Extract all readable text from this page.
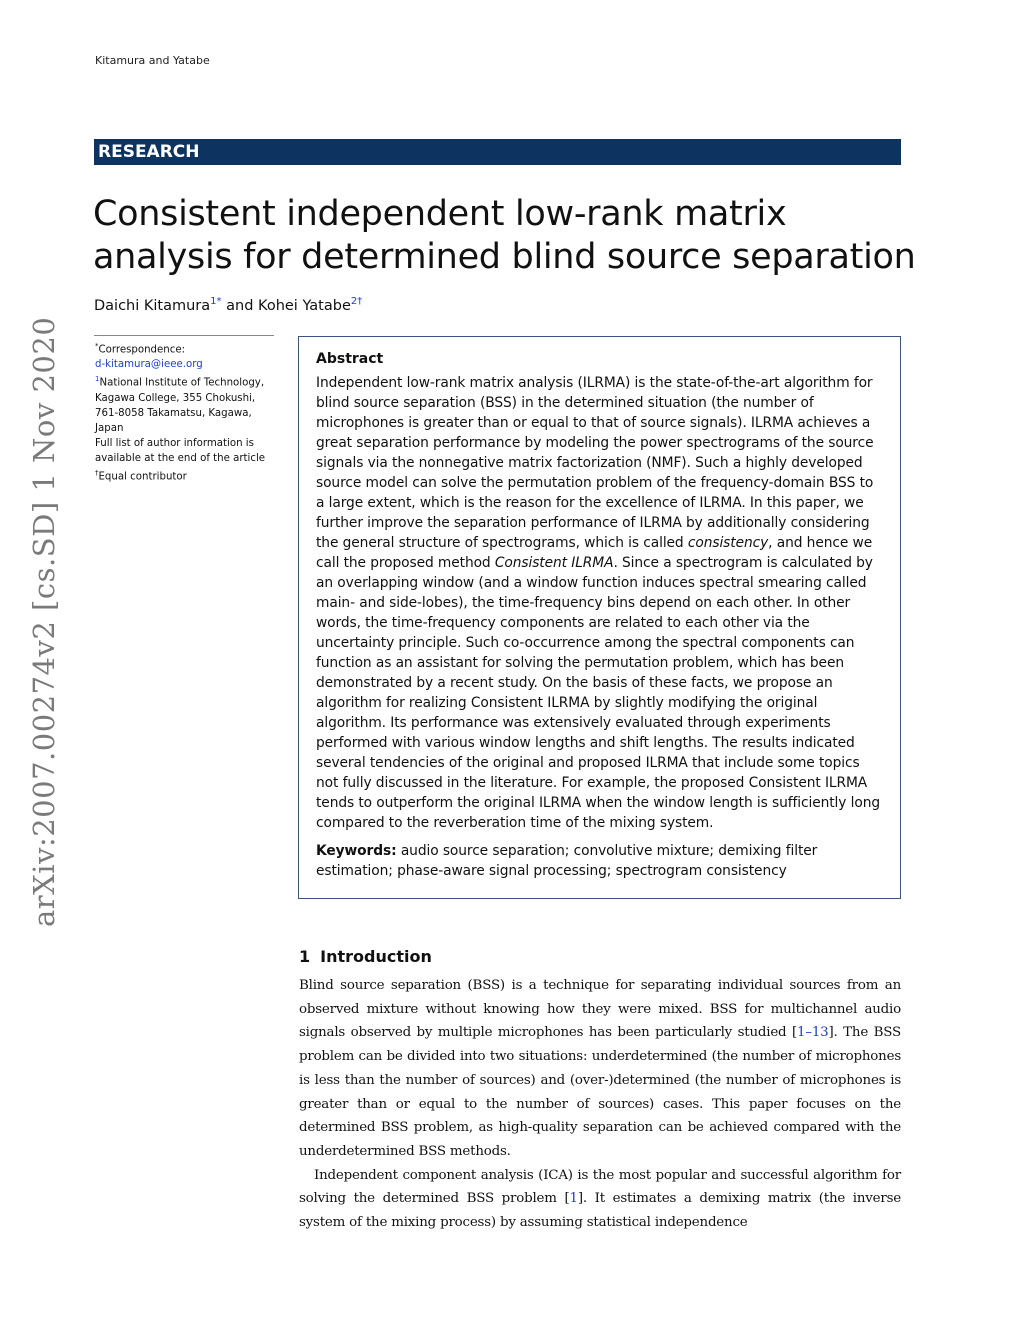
Kitamura and Yatabe
RESEARCH
Consistent independent low-rank matrix analysis for determined blind source separation
Daichi Kitamura$^{1*}$ and Kohei Yatabe$^{2\dagger}$
*Correspondence:
d-kitamura@ieee.org
$^1$National Institute of Technology, Kagawa College, 355 Chokushi, 761-8058 Takamatsu, Kagawa, Japan
Full list of author information is available at the end of the article
†Equal contributor
arXiv:2007.00274v2 [cs.SD] 1 Nov 2020	Abstract

Independent low-rank matrix analysis (ILRMA) is the state-of-the-art algorithm for blind source separation (BSS) in the determined situation (the number of microphones is greater than or equal to that of source signals). ILRMA achieves a great separation performance by modeling the power spectrograms of the source signals via the nonnegative matrix factorization (NMF). Such a highly developed source model can solve the permutation problem of the frequency-domain BSS to a large extent, which is the reason for the excellence of ILRMA. In this paper, we further improve the separation performance of ILRMA by additionally considering the general structure of spectrograms, which is called consistency, and hence we call the proposed method Consistent ILRMA. Since a spectrogram is calculated by an overlapping window (and a window function induces spectral smearing called main- and side-lobes), the time-frequency bins depend on each other. In other words, the time-frequency components are related to each other via the uncertainty principle. Such co-occurrence among the spectral components can function as an assistant for solving the permutation problem, which has been demonstrated by a recent study. On the basis of these facts, we propose an algorithm for realizing Consistent ILRMA by slightly modifying the original algorithm. Its performance was extensively evaluated through experiments performed with various window lengths and shift lengths. The results indicated several tendencies of the original and proposed ILRMA that include some topics not fully discussed in the literature. For example, the proposed Consistent ILRMA tends to outperform the original ILRMA when the window length is sufficiently long compared to the reverberation time of the mixing system.

Keywords: audio source separation; convolutive mixture; demixing filter estimation; phase-aware signal processing; spectrogram consistency

1 Introduction

Blind source separation (BSS) is a technique for separating individual sources from an observed mixture without knowing how they were mixed. BSS for multichannel audio signals observed by multiple microphones has been particularly studied [1–13]. The BSS problem can be divided into two situations: underdetermined (the number of microphones is less than the number of sources) and (over-)determined (the number of microphones is greater than or equal to the number of sources) cases. This paper focuses on the determined BSS problem, as high-quality separation can be achieved compared with the underdetermined BSS methods.

Independent component analysis (ICA) is the most popular and successful algorithm for solving the determined BSS problem [1]. It estimates a demixing matrix (the inverse system of the mixing process) by assuming statistical independence
